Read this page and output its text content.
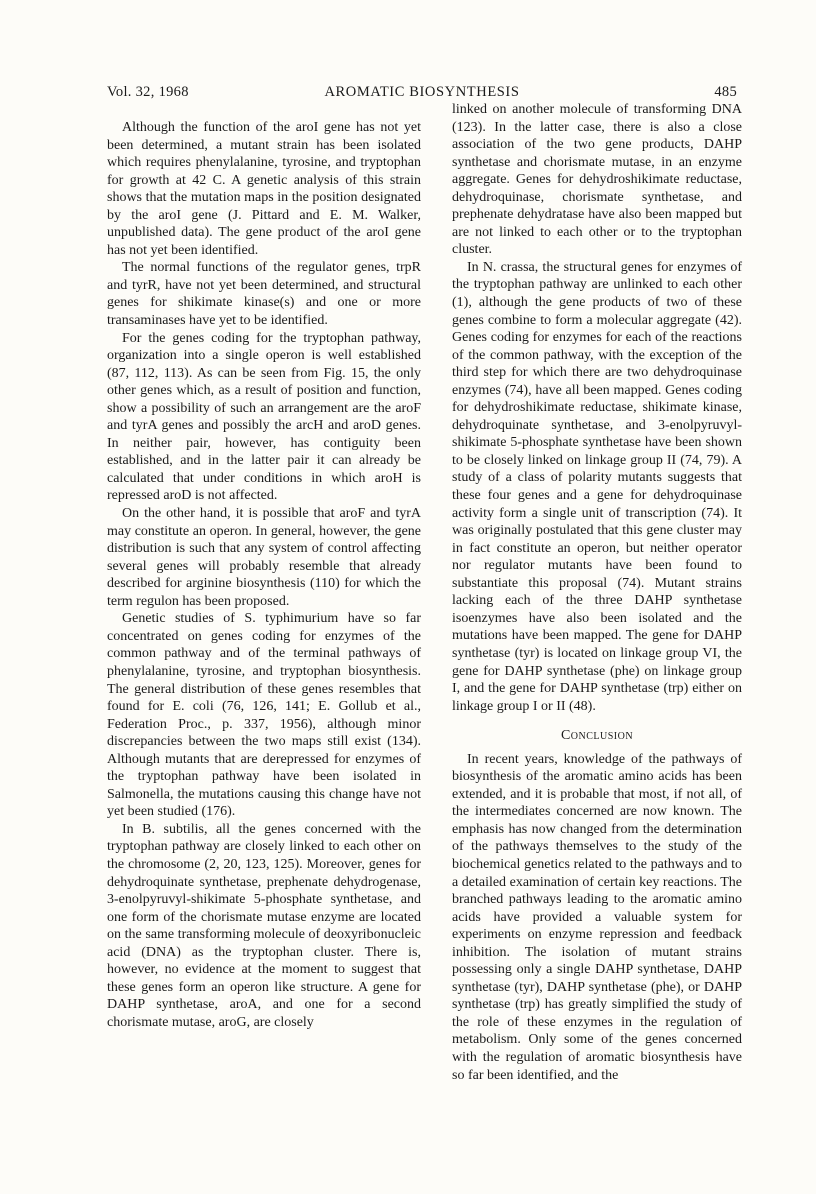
Vol. 32, 1968	AROMATIC BIOSYNTHESIS	485

Although the function of the aroI gene has not yet been determined, a mutant strain has been isolated which requires phenylalanine, tyrosine, and tryptophan for growth at 42 C. A genetic analysis of this strain shows that the mutation maps in the position designated by the aroI gene (J. Pittard and E. M. Walker, unpublished data). The gene product of the aroI gene has not yet been identified.

The normal functions of the regulator genes, trpR and tyrR, have not yet been determined, and structural genes for shikimate kinase(s) and one or more transaminases have yet to be identified.

For the genes coding for the tryptophan pathway, organization into a single operon is well established (87, 112, 113). As can be seen from Fig. 15, the only other genes which, as a result of position and function, show a possibility of such an arrangement are the aroF and tyrA genes and possibly the arcH and aroD genes. In neither pair, however, has contiguity been established, and in the latter pair it can already be calculated that under conditions in which aroH is repressed aroD is not affected.

On the other hand, it is possible that aroF and tyrA may constitute an operon. In general, however, the gene distribution is such that any system of control affecting several genes will probably resemble that already described for arginine biosynthesis (110) for which the term regulon has been proposed.

Genetic studies of S. typhimurium have so far concentrated on genes coding for enzymes of the common pathway and of the terminal pathways of phenylalanine, tyrosine, and tryptophan biosynthesis. The general distribution of these genes resembles that found for E. coli (76, 126, 141; E. Gollub et al., Federation Proc., p. 337, 1956), although minor discrepancies between the two maps still exist (134). Although mutants that are derepressed for enzymes of the tryptophan pathway have been isolated in Salmonella, the mutations causing this change have not yet been studied (176).

In B. subtilis, all the genes concerned with the tryptophan pathway are closely linked to each other on the chromosome (2, 20, 123, 125). Moreover, genes for dehydroquinate synthetase, prephenate dehydrogenase, 3-enolpyruvyl-shikimate 5-phosphate synthetase, and one form of the chorismate mutase enzyme are located on the same transforming molecule of deoxyribonucleic acid (DNA) as the tryptophan cluster. There is, however, no evidence at the moment to suggest that these genes form an operon like structure. A gene for DAHP synthetase, aroA, and one for a second chorismate mutase, aroG, are closely

linked on another molecule of transforming DNA (123). In the latter case, there is also a close association of the two gene products, DAHP synthetase and chorismate mutase, in an enzyme aggregate. Genes for dehydroshikimate reductase, dehydroquinase, chorismate synthetase, and prephenate dehydratase have also been mapped but are not linked to each other or to the tryptophan cluster.

In N. crassa, the structural genes for enzymes of the tryptophan pathway are unlinked to each other (1), although the gene products of two of these genes combine to form a molecular aggregate (42). Genes coding for enzymes for each of the reactions of the common pathway, with the exception of the third step for which there are two dehydroquinase enzymes (74), have all been mapped. Genes coding for dehydroshikimate reductase, shikimate kinase, dehydroquinate synthetase, and 3-enolpyruvyl-shikimate 5-phosphate synthetase have been shown to be closely linked on linkage group II (74, 79). A study of a class of polarity mutants suggests that these four genes and a gene for dehydroquinase activity form a single unit of transcription (74). It was originally postulated that this gene cluster may in fact constitute an operon, but neither operator nor regulator mutants have been found to substantiate this proposal (74). Mutant strains lacking each of the three DAHP synthetase isoenzymes have also been isolated and the mutations have been mapped. The gene for DAHP synthetase (tyr) is located on linkage group VI, the gene for DAHP synthetase (phe) on linkage group I, and the gene for DAHP synthetase (trp) either on linkage group I or II (48).

Conclusion

In recent years, knowledge of the pathways of biosynthesis of the aromatic amino acids has been extended, and it is probable that most, if not all, of the intermediates concerned are now known. The emphasis has now changed from the determination of the pathways themselves to the study of the biochemical genetics related to the pathways and to a detailed examination of certain key reactions. The branched pathways leading to the aromatic amino acids have provided a valuable system for experiments on enzyme repression and feedback inhibition. The isolation of mutant strains possessing only a single DAHP synthetase, DAHP synthetase (tyr), DAHP synthetase (phe), or DAHP synthetase (trp) has greatly simplified the study of the role of these enzymes in the regulation of metabolism. Only some of the genes concerned with the regulation of aromatic biosynthesis have so far been identified, and the
